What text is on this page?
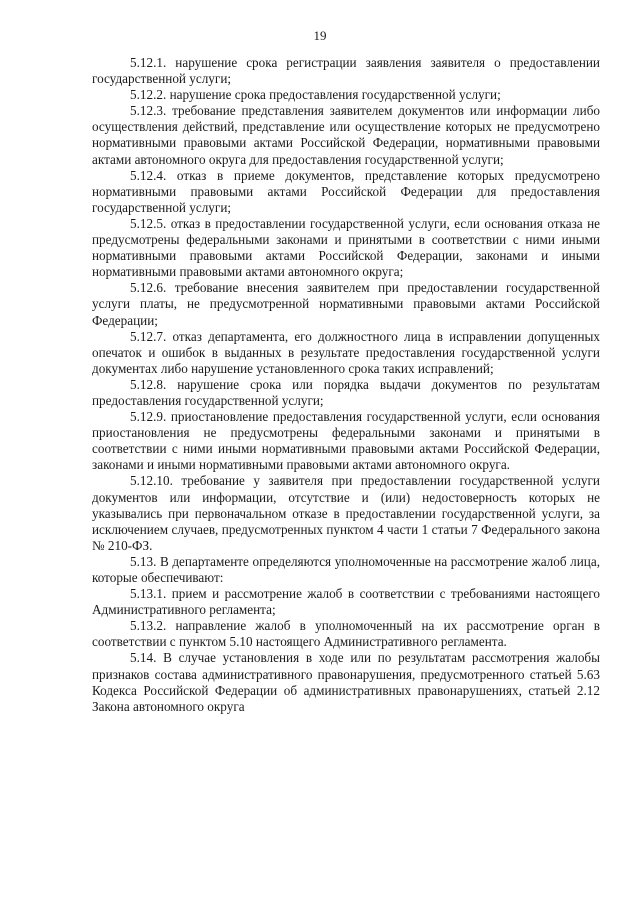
19

5.12.1. нарушение срока регистрации заявления заявителя о предоставлении государственной услуги;

5.12.2. нарушение срока предоставления государственной услуги;

5.12.3. требование представления заявителем документов или информации либо осуществления действий, представление или осуществление которых не предусмотрено нормативными правовыми актами Российской Федерации, нормативными правовыми актами автономного округа для предоставления государственной услуги;

5.12.4. отказ в приеме документов, представление которых предусмотрено нормативными правовыми актами Российской Федерации для предоставления государственной услуги;

5.12.5. отказ в предоставлении государственной услуги, если основания отказа не предусмотрены федеральными законами и принятыми в соответствии с ними иными нормативными правовыми актами Российской Федерации, законами и иными нормативными правовыми актами автономного округа;

5.12.6. требование внесения заявителем при предоставлении государственной услуги платы, не предусмотренной нормативными правовыми актами Российской Федерации;

5.12.7. отказ департамента, его должностного лица в исправлении допущенных опечаток и ошибок в выданных в результате предоставления государственной услуги документах либо нарушение установленного срока таких исправлений;

5.12.8. нарушение срока или порядка выдачи документов по результатам предоставления государственной услуги;

5.12.9. приостановление предоставления государственной услуги, если основания приостановления не предусмотрены федеральными законами и принятыми в соответствии с ними иными нормативными правовыми актами Российской Федерации, законами и иными нормативными правовыми актами автономного округа.

5.12.10. требование у заявителя при предоставлении государственной услуги документов или информации, отсутствие и (или) недостоверность которых не указывались при первоначальном отказе в предоставлении государственной услуги, за исключением случаев, предусмотренных пунктом 4 части 1 статьи 7 Федерального закона № 210-ФЗ.

5.13. В департаменте определяются уполномоченные на рассмотрение жалоб лица, которые обеспечивают:

5.13.1. прием и рассмотрение жалоб в соответствии с требованиями настоящего Административного регламента;

5.13.2. направление жалоб в уполномоченный на их рассмотрение орган в соответствии с пунктом 5.10 настоящего Административного регламента.

5.14. В случае установления в ходе или по результатам рассмотрения жалобы признаков состава административного правонарушения, предусмотренного статьей 5.63 Кодекса Российской Федерации об административных правонарушениях, статьей 2.12 Закона автономного округа
